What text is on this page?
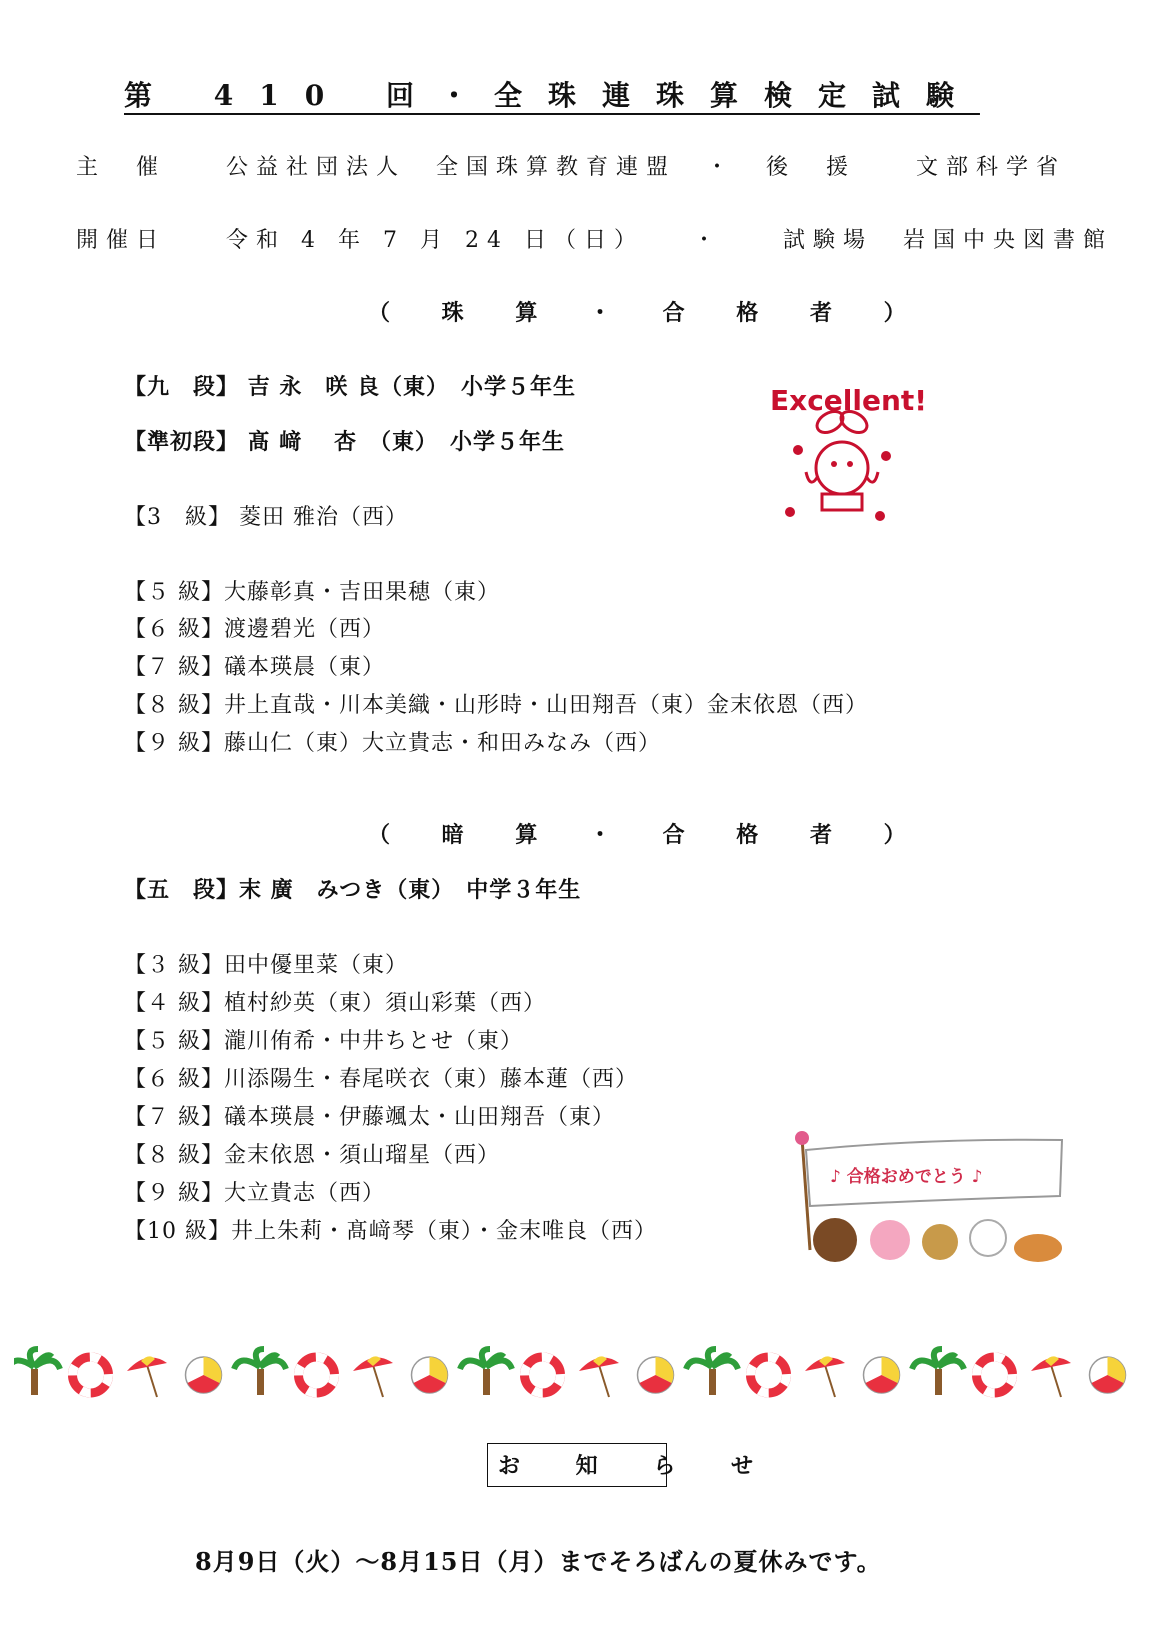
第 410 回・全珠連珠算検定試験
主　催　　公益社団法人　全国珠算教育連盟　・　後　援　　文部科学省
開催日　　令和 4 年 7 月 24 日（日）　　・　　試験場　岩国中央図書館
（ 珠 算 ・ 合 格 者 ）
【九　段】 吉 永　咲 良（東）　小学５年生
【準初段】 髙 﨑　 杏　（東）　小学５年生
【3　級】 菱田 雅治（西）
【５ 級】大藤彰真・吉田果穂（東）
【６ 級】渡邊碧光（西）
【７ 級】礒本瑛晨（東）
【８ 級】井上直哉・川本美織・山形時・山田翔吾（東）金末依恩（西）
【９ 級】藤山仁（東）大立貴志・和田みなみ（西）
Excellent!
（ 暗 算 ・ 合 格 者 ）
【五　段】末 廣　みつき（東）　中学３年生
【３ 級】田中優里菜（東）
【４ 級】植村紗英（東）須山彩葉（西）
【５ 級】瀧川侑希・中井ちとせ（東）
【６ 級】川添陽生・春尾咲衣（東）藤本蓮（西）
【７ 級】礒本瑛晨・伊藤颯太・山田翔吾（東）
【８ 級】金末依恩・須山瑠星（西）
【９ 級】大立貴志（西）
【10 級】井上朱莉・髙﨑琴（東）・金末唯良（西）
♪ 合格おめでとう ♪
お 知 ら せ
8月9日（火）～8月15日（月）までそろばんの夏休みです。
